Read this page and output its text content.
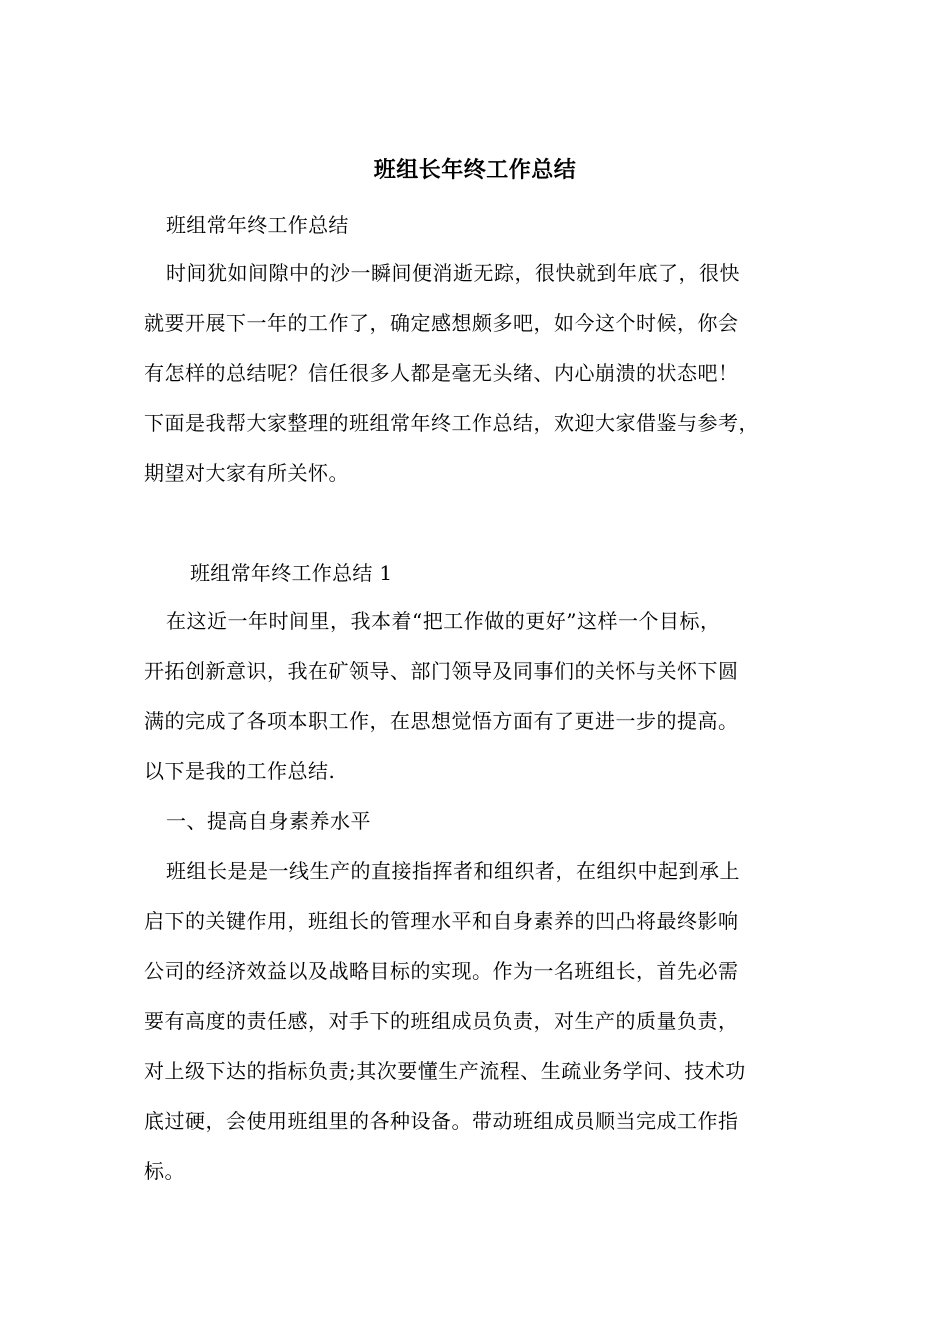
班组长年终工作总结
班组常年终工作总结
时间犹如间隙中的沙一瞬间便消逝无踪，很快就到年底了，很快
就要开展下一年的工作了，确定感想颇多吧，如今这个时候，你会
有怎样的总结呢？信任很多人都是毫无头绪、内心崩溃的状态吧！
下面是我帮大家整理的班组常年终工作总结，欢迎大家借鉴与参考，
期望对大家有所关怀。
班组常年终工作总结 1
在这近一年时间里，我本着“把工作做的更好”这样一个目标，
开拓创新意识，我在矿领导、部门领导及同事们的关怀与关怀下圆
满的完成了各项本职工作，在思想觉悟方面有了更进一步的提高。
以下是我的工作总结.
一、提高自身素养水平
班组长是是一线生产的直接指挥者和组织者，在组织中起到承上
启下的关键作用，班组长的管理水平和自身素养的凹凸将最终影响
公司的经济效益以及战略目标的实现。作为一名班组长，首先必需
要有高度的责任感，对手下的班组成员负责，对生产的质量负责，
对上级下达的指标负责;其次要懂生产流程、生疏业务学问、技术功
底过硬，会使用班组里的各种设备。带动班组成员顺当完成工作指
标。
